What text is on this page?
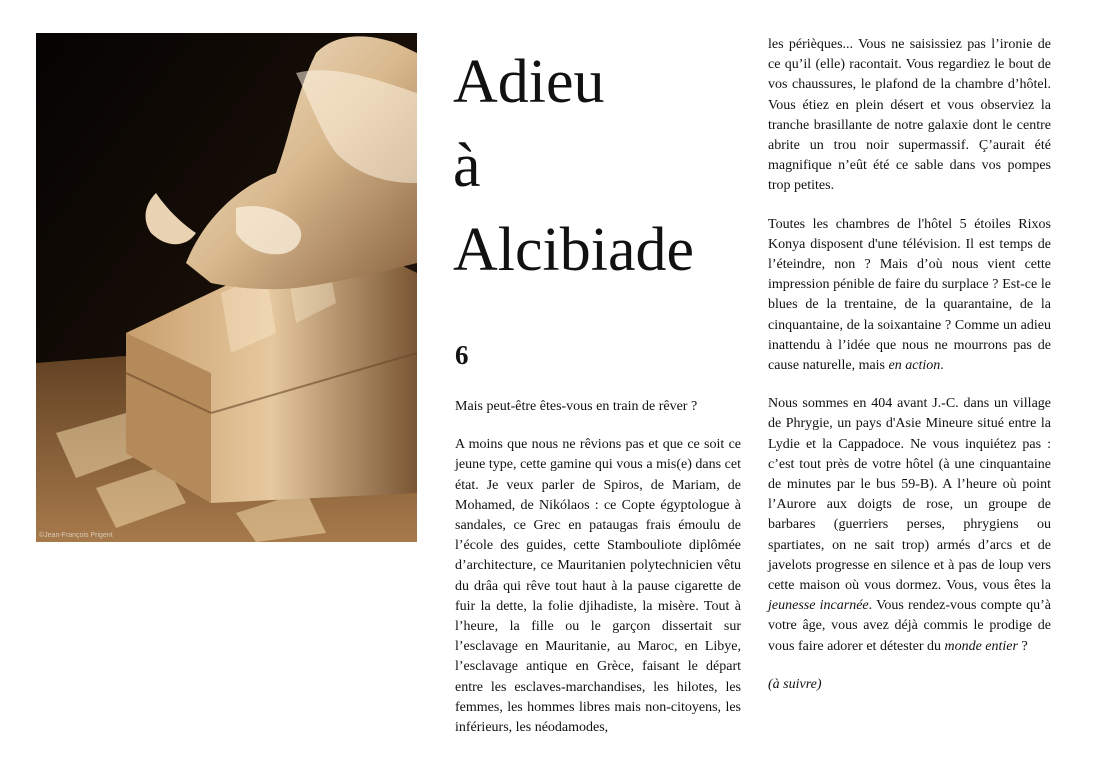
©Jean-François Prigent
Adieu
à
Alcibiade
6

Mais peut-être êtes-vous en train de rêver ?

A moins que nous ne rêvions pas et que ce soit ce jeune type, cette gamine qui vous a mis(e) dans cet état. Je veux parler de Spiros, de Mariam, de Mohamed, de Nikólaos : ce Copte égyptologue à sandales, ce Grec en pataugas frais émoulu de l’école des guides, cette Stambouliote diplômée d’architecture, ce Mauritanien polytechnicien vêtu du drâa qui rêve tout haut à la pause cigarette de fuir la dette, la folie djihadiste, la misère. Tout à l’heure, la fille ou le garçon dissertait sur l’esclavage en Mauritanie, au Maroc, en Libye, l’esclavage antique en Grèce, faisant le départ entre les esclaves-marchandises, les hilotes, les femmes, les hommes libres mais non-citoyens, les inférieurs, les néodamodes,

les périèques... Vous ne saisissiez pas l’ironie de ce qu’il (elle) racontait. Vous regardiez le bout de vos chaussures, le plafond de la chambre d’hôtel. Vous étiez en plein désert et vous observiez la tranche brasillante de notre galaxie dont le centre abrite un trou noir supermassif. Ç’aurait été magnifique n’eût été ce sable dans vos pompes trop petites.

Toutes les chambres de l'hôtel 5 étoiles Rixos Konya disposent d'une télévision. Il est temps de l’éteindre, non ? Mais d’où nous vient cette impression pénible de faire du surplace ? Est-ce le blues de la trentaine, de la quarantaine, de la cinquantaine, de la soixantaine ? Comme un adieu inattendu à l’idée que nous ne mourrons pas de cause naturelle, mais en action.

Nous sommes en 404 avant J.-C. dans un village de Phrygie, un pays d'Asie Mineure situé entre la Lydie et la Cappadoce. Ne vous inquiétez pas : c’est tout près de votre hôtel (à une cinquantaine de minutes par le bus 59-B). A l’heure où point l’Aurore aux doigts de rose, un groupe de barbares (guerriers perses, phrygiens ou spartiates, on ne sait trop) armés d’arcs et de javelots progresse en silence et à pas de loup vers cette maison où vous dormez. Vous, vous êtes la jeunesse incarnée. Vous rendez-vous compte qu’à votre âge, vous avez déjà commis le prodige de vous faire adorer et détester du monde entier ?

(à suivre)
